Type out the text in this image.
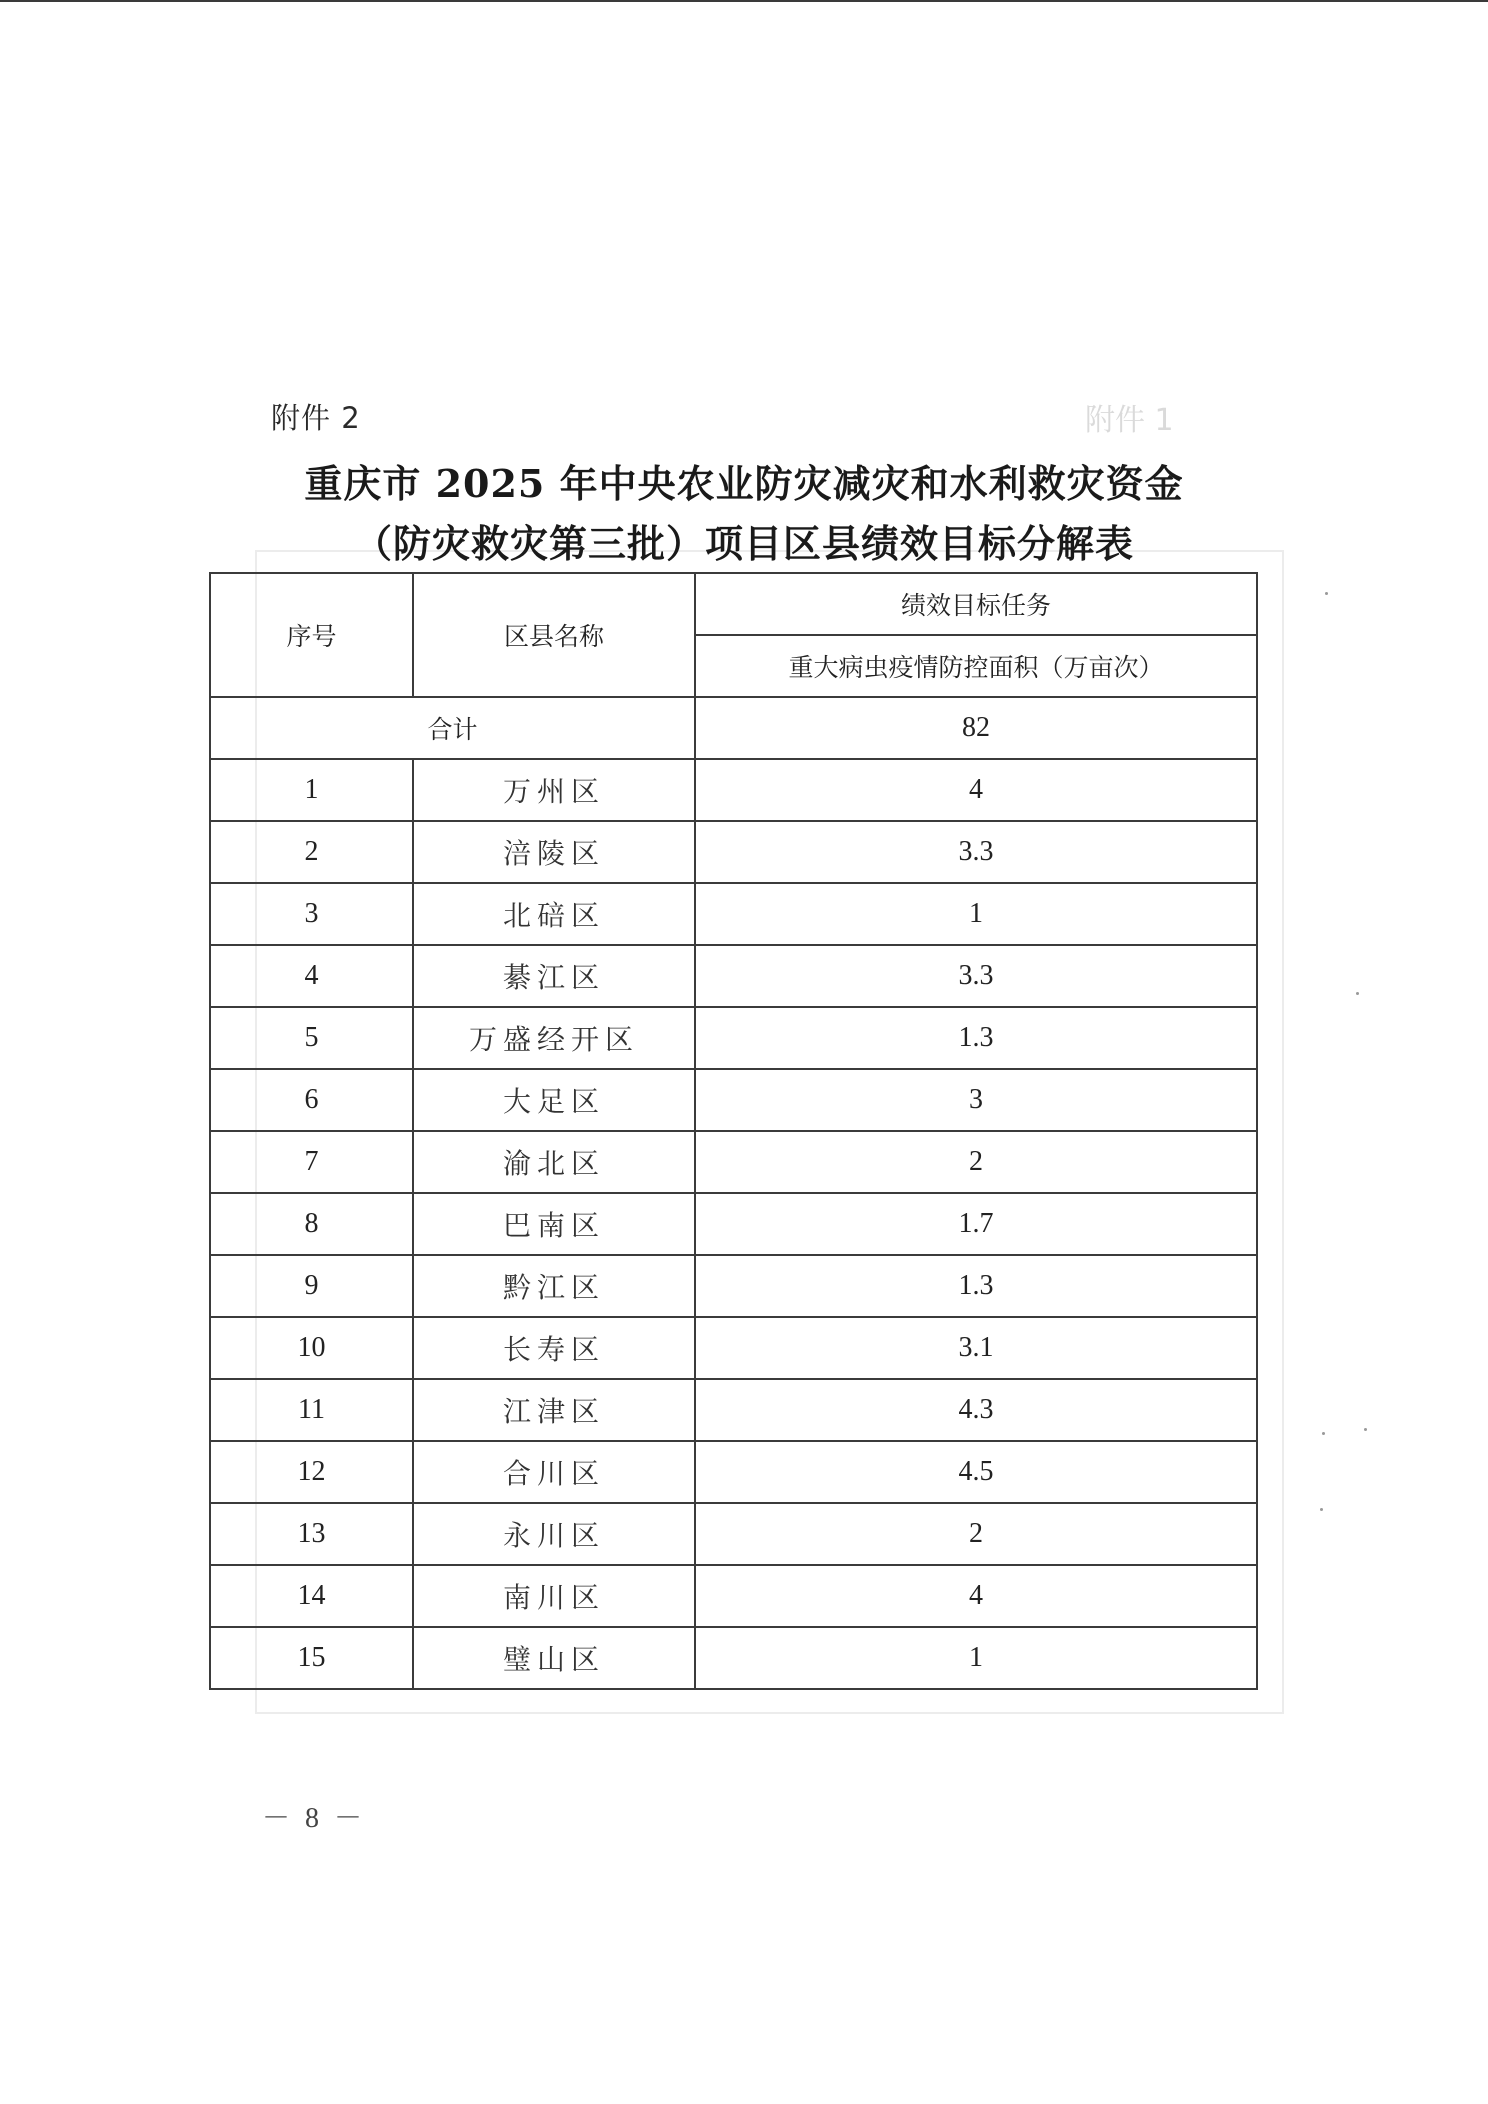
附件 1
附件 2
重庆市 2025 年中央农业防灾减灾和水利救灾资金
（防灾救灾第三批）项目区县绩效目标分解表
序号	区县名称	绩效目标任务
		重大病虫疫情防控面积（万亩次）
合计		82
1	万州区	4
2	涪陵区	3.3
3	北碚区	1
4	綦江区	3.3
5	万盛经开区	1.3
6	大足区	3
7	渝北区	2
8	巴南区	1.7
9	黔江区	1.3
10	长寿区	3.1
11	江津区	4.3
12	合川区	4.5
13	永川区	2
14	南川区	4
15	璧山区	1
－ 8 －
